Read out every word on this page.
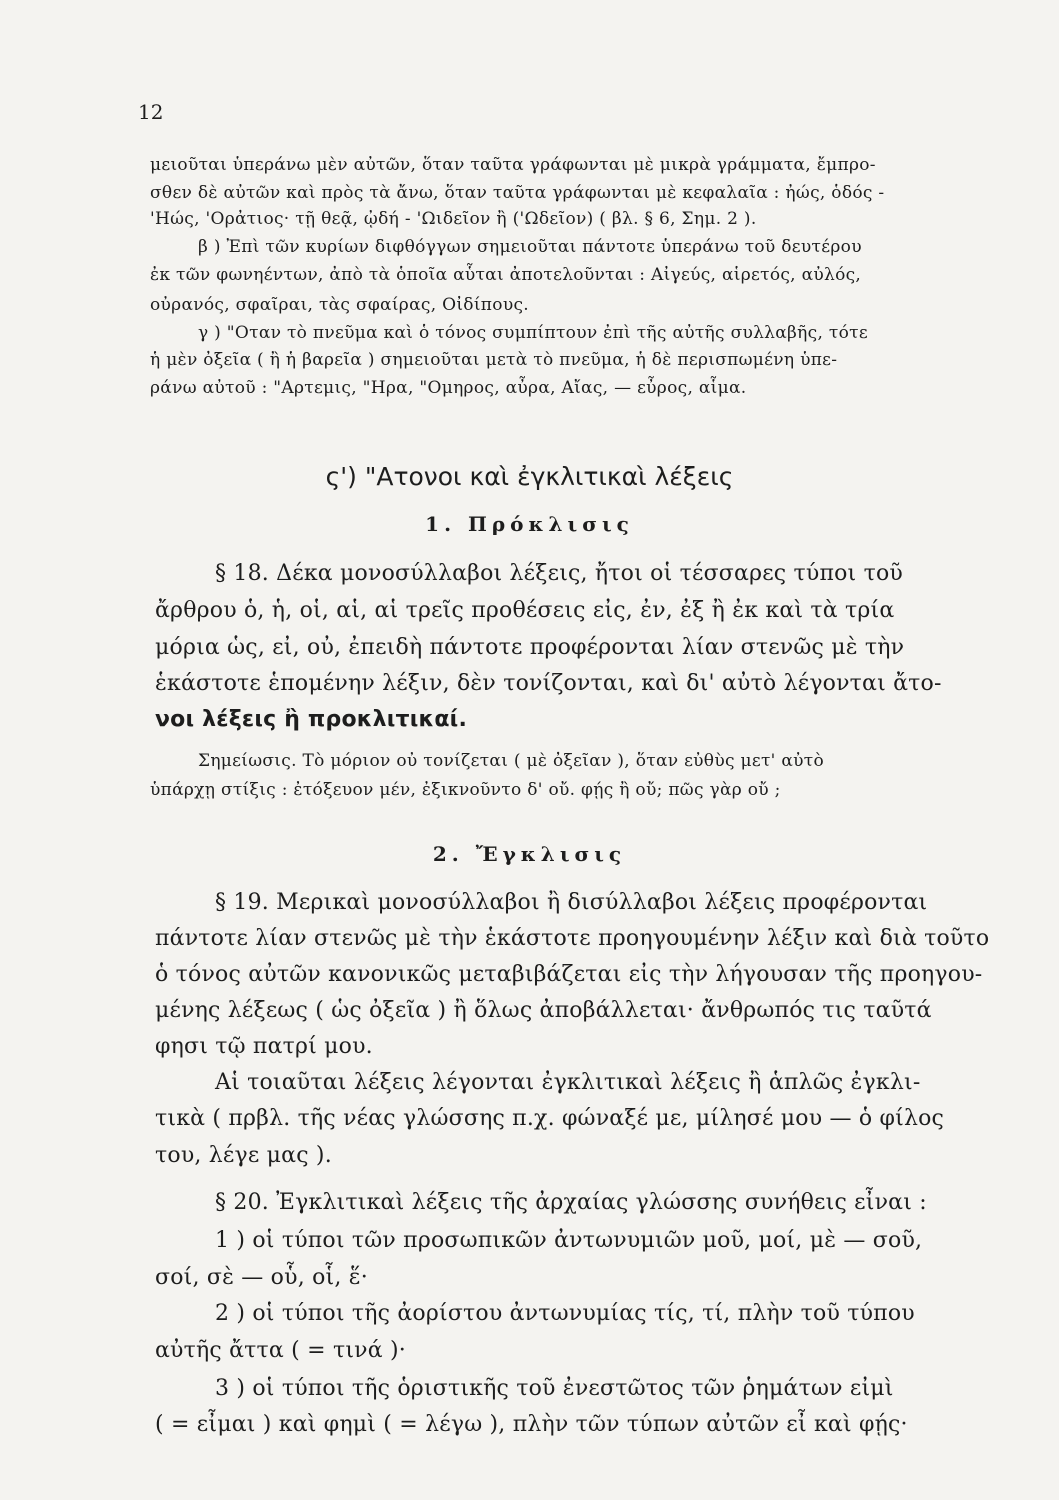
12
μειοῦται ὑπεράνω μὲν αὐτῶν, ὅταν ταῦτα γράφωνται μὲ μικρὰ γράμματα, ἔμπρο-
σθεν δὲ αὐτῶν καὶ πρὸς τὰ ἄνω, ὅταν ταῦτα γράφωνται μὲ κεφαλαῖα : ἠώς, ὁδός -
'Ηώς, 'Ορἀτιος· τῇ θεᾷ, ᾠδή - 'Ωιδεῖον ἢ ('Ωδεῖον) ( βλ. § 6, Σημ. 2 ).
β ) Ἐπὶ τῶν κυρίων διφθόγγων σημειοῦται πάντοτε ὑπεράνω τοῦ δευτέρου
ἐκ τῶν φωνηέντων, ἀπὸ τὰ ὁποῖα αὗται ἀποτελοῦνται : Αἰγεύς, αἱρετός, αὐλός,
οὐρανός, σφαῖραι, τὰς σφαίρας, Οἰδίπους.
γ ) "Οταν τὸ πνεῦμα καὶ ὁ τόνος συμπίπτουν ἐπὶ τῆς αὐτῆς συλλαβῆς, τότε
ἡ μὲν ὀξεῖα ( ἢ ἡ βαρεῖα ) σημειοῦται μετὰ τὸ πνεῦμα, ἡ δὲ περισπωμένη ὑπε-
ράνω αὐτοῦ : "Αρτεμις, "Ηρα, "Ομηρος, αὖρα, Αἴας, — εὖρος, αἷμα.
ς') "Ατονοι καὶ ἐγκλιτικαὶ λέξεις
1. Πρόκλισις
§ 18. Δέκα μονοσύλλαβοι λέξεις, ἤτοι οἱ τέσσαρες τύποι τοῦ
ἄρθρου ὁ, ἡ, οἱ, αἱ, αἱ τρεῖς προθέσεις εἰς, ἐν, ἐξ ἢ ἐκ καὶ τὰ τρία
μόρια ὡς, εἰ, οὐ, ἐπειδὴ πάντοτε προφέρονται λίαν στενῶς μὲ τὴν
ἑκάστοτε ἑπομένην λέξιν, δὲν τονίζονται, καὶ δι' αὐτὸ λέγονται ἄτο-
νοι λέξεις ἢ προκλιτικαί.
Σημείωσις. Τὸ μόριον οὐ τονίζεται ( μὲ ὀξεῖαν ), ὅταν εὐθὺς μετ' αὐτὸ
ὑπάρχῃ στίξις : ἐτόξευον μέν, ἐξικνοῦντο δ' οὔ. φῄς ἢ οὔ; πῶς γὰρ οὔ ;
2. Ἔγκλισις
§ 19. Μερικαὶ μονοσύλλαβοι ἢ δισύλλαβοι λέξεις προφέρονται
πάντοτε λίαν στενῶς μὲ τὴν ἑκάστοτε προηγουμένην λέξιν καὶ διὰ τοῦτο
ὁ τόνος αὐτῶν κανονικῶς μεταβιβάζεται εἰς τὴν λήγουσαν τῆς προηγου-
μένης λέξεως ( ὡς ὀξεῖα ) ἢ ὅλως ἀποβάλλεται· ἄνθρωπός τις ταῦτά
φησι τῷ πατρί μου.
Αἱ τοιαῦται λέξεις λέγονται ἐγκλιτικαὶ λέξεις ἢ ἁπλῶς ἐγκλι-
τικὰ ( πρβλ. τῆς νέας γλώσσης π.χ. φώναξέ με, μίλησέ μου — ὁ φίλος
του, λέγε μας ).
§ 20. Ἐγκλιτικαὶ λέξεις τῆς ἀρχαίας γλώσσης συνήθεις εἶναι :
1 ) οἱ τύποι τῶν προσωπικῶν ἀντωνυμιῶν μοῦ, μοί, μὲ — σοῦ,
σοί, σὲ — οὗ, οἷ, ἕ·
2 ) οἱ τύποι τῆς ἀορίστου ἀντωνυμίας τίς, τί, πλὴν τοῦ τύπου
αὐτῆς ἄττα ( = τινά )·
3 ) οἱ τύποι τῆς ὁριστικῆς τοῦ ἐνεστῶτος τῶν ῥημάτων εἰμὶ
( = εἶμαι ) καὶ φημὶ ( = λέγω ), πλὴν τῶν τύπων αὐτῶν εἶ καὶ φῄς·
